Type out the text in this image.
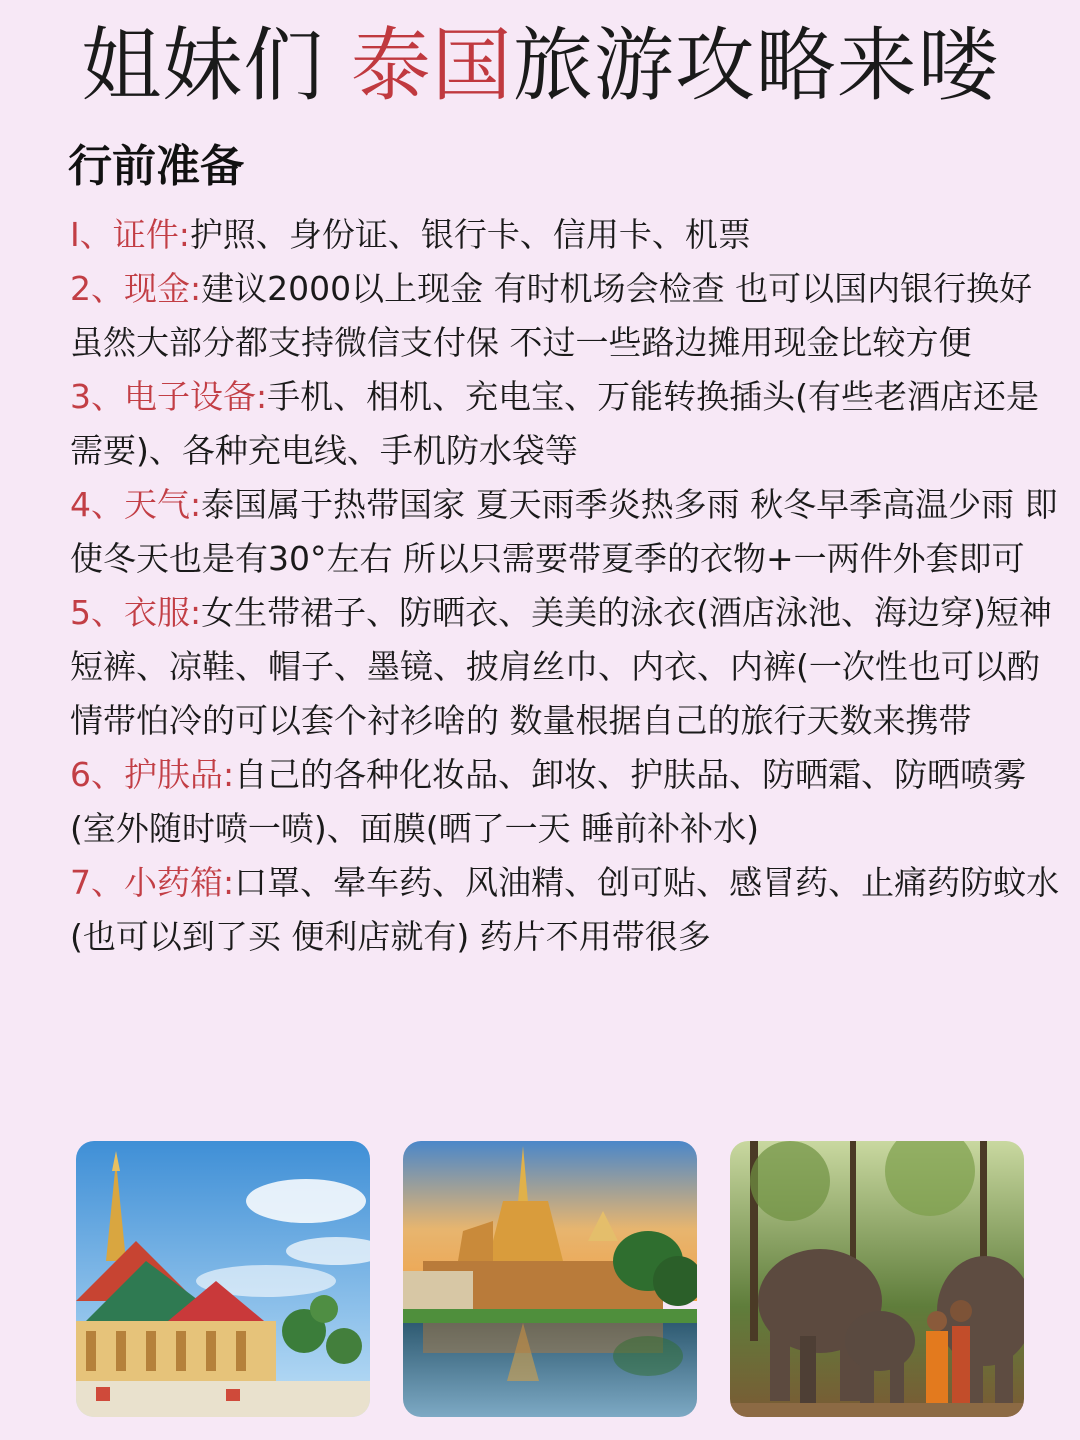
姐妹们 泰国旅游攻略来喽
行前准备

I、证件:护照、身份证、银行卡、信用卡、机票

2、现金:建议2000以上现金 有时机场会检查 也可以国内银行换好 虽然大部分都支持微信支付保 不过一些路边摊用现金比较方便

3、电子设备:手机、相机、充电宝、万能转换插头(有些老酒店还是需要)、各种充电线、手机防水袋等

4、天气:泰国属于热带国家 夏天雨季炎热多雨 秋冬早季高温少雨 即使冬天也是有30°左右 所以只需要带夏季的衣物+一两件外套即可

5、衣服:女生带裙子、防晒衣、美美的泳衣(酒店泳池、海边穿)短神短裤、凉鞋、帽子、墨镜、披肩丝巾、内衣、内裤(一次性也可以酌情带怕冷的可以套个衬衫啥的 数量根据自己的旅行天数来携带

6、护肤品:自己的各种化妆品、卸妆、护肤品、防晒霜、防晒喷雾(室外随时喷一喷)、面膜(晒了一天 睡前补补水)

7、小药箱:口罩、晕车药、风油精、创可贴、感冒药、止痛药防蚊水(也可以到了买 便利店就有) 药片不用带很多
